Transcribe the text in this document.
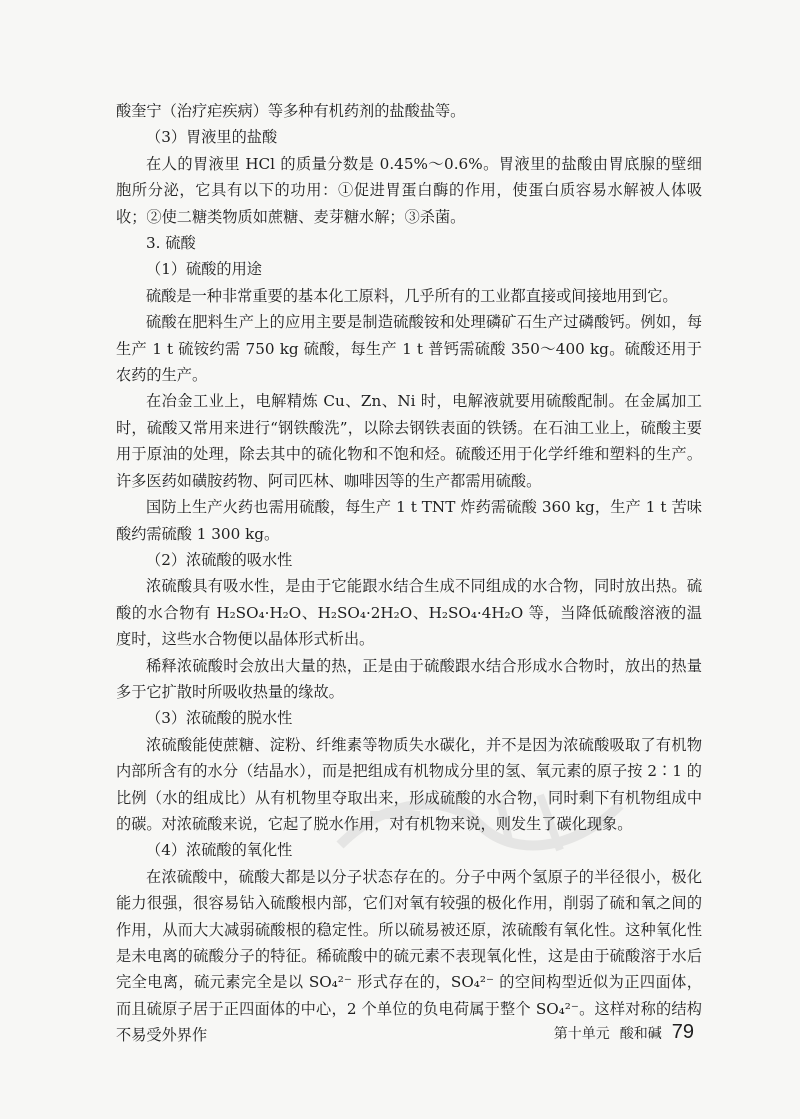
酸奎宁（治疗疟疾病）等多种有机药剂的盐酸盐等。

（3）胃液里的盐酸

在人的胃液里 HCl 的质量分数是 0.45%～0.6%。胃液里的盐酸由胃底腺的壁细胞所分泌，它具有以下的功用：①促进胃蛋白酶的作用，使蛋白质容易水解被人体吸收；②使二糖类物质如蔗糖、麦芽糖水解；③杀菌。

3. 硫酸

（1）硫酸的用途

硫酸是一种非常重要的基本化工原料，几乎所有的工业都直接或间接地用到它。

硫酸在肥料生产上的应用主要是制造硫酸铵和处理磷矿石生产过磷酸钙。例如，每生产 1 t 硫铵约需 750 kg 硫酸，每生产 1 t 普钙需硫酸 350～400 kg。硫酸还用于农药的生产。

在冶金工业上，电解精炼 Cu、Zn、Ni 时，电解液就要用硫酸配制。在金属加工时，硫酸又常用来进行“钢铁酸洗”，以除去钢铁表面的铁锈。在石油工业上，硫酸主要用于原油的处理，除去其中的硫化物和不饱和烃。硫酸还用于化学纤维和塑料的生产。许多医药如磺胺药物、阿司匹林、咖啡因等的生产都需用硫酸。

国防上生产火药也需用硫酸，每生产 1 t TNT 炸药需硫酸 360 kg，生产 1 t 苦味酸约需硫酸 1 300 kg。

（2）浓硫酸的吸水性

浓硫酸具有吸水性，是由于它能跟水结合生成不同组成的水合物，同时放出热。硫酸的水合物有 H₂SO₄·H₂O、H₂SO₄·2H₂O、H₂SO₄·4H₂O 等，当降低硫酸溶液的温度时，这些水合物便以晶体形式析出。

稀释浓硫酸时会放出大量的热，正是由于硫酸跟水结合形成水合物时，放出的热量多于它扩散时所吸收热量的缘故。

（3）浓硫酸的脱水性

浓硫酸能使蔗糖、淀粉、纤维素等物质失水碳化，并不是因为浓硫酸吸取了有机物内部所含有的水分（结晶水），而是把组成有机物成分里的氢、氧元素的原子按 2∶1 的比例（水的组成比）从有机物里夺取出来，形成硫酸的水合物，同时剩下有机物组成中的碳。对浓硫酸来说，它起了脱水作用，对有机物来说，则发生了碳化现象。

（4）浓硫酸的氧化性

在浓硫酸中，硫酸大都是以分子状态存在的。分子中两个氢原子的半径很小，极化能力很强，很容易钻入硫酸根内部，它们对氧有较强的极化作用，削弱了硫和氧之间的作用，从而大大减弱硫酸根的稳定性。所以硫易被还原，浓硫酸有氧化性。这种氧化性是未电离的硫酸分子的特征。稀硫酸中的硫元素不表现氧化性，这是由于硫酸溶于水后完全电离，硫元素完全是以 SO₄²⁻ 形式存在的，SO₄²⁻ 的空间构型近似为正四面体，而且硫原子居于正四面体的中心，2 个单位的负电荷属于整个 SO₄²⁻。这样对称的结构不易受外界作	第十单元 酸和碱 79
